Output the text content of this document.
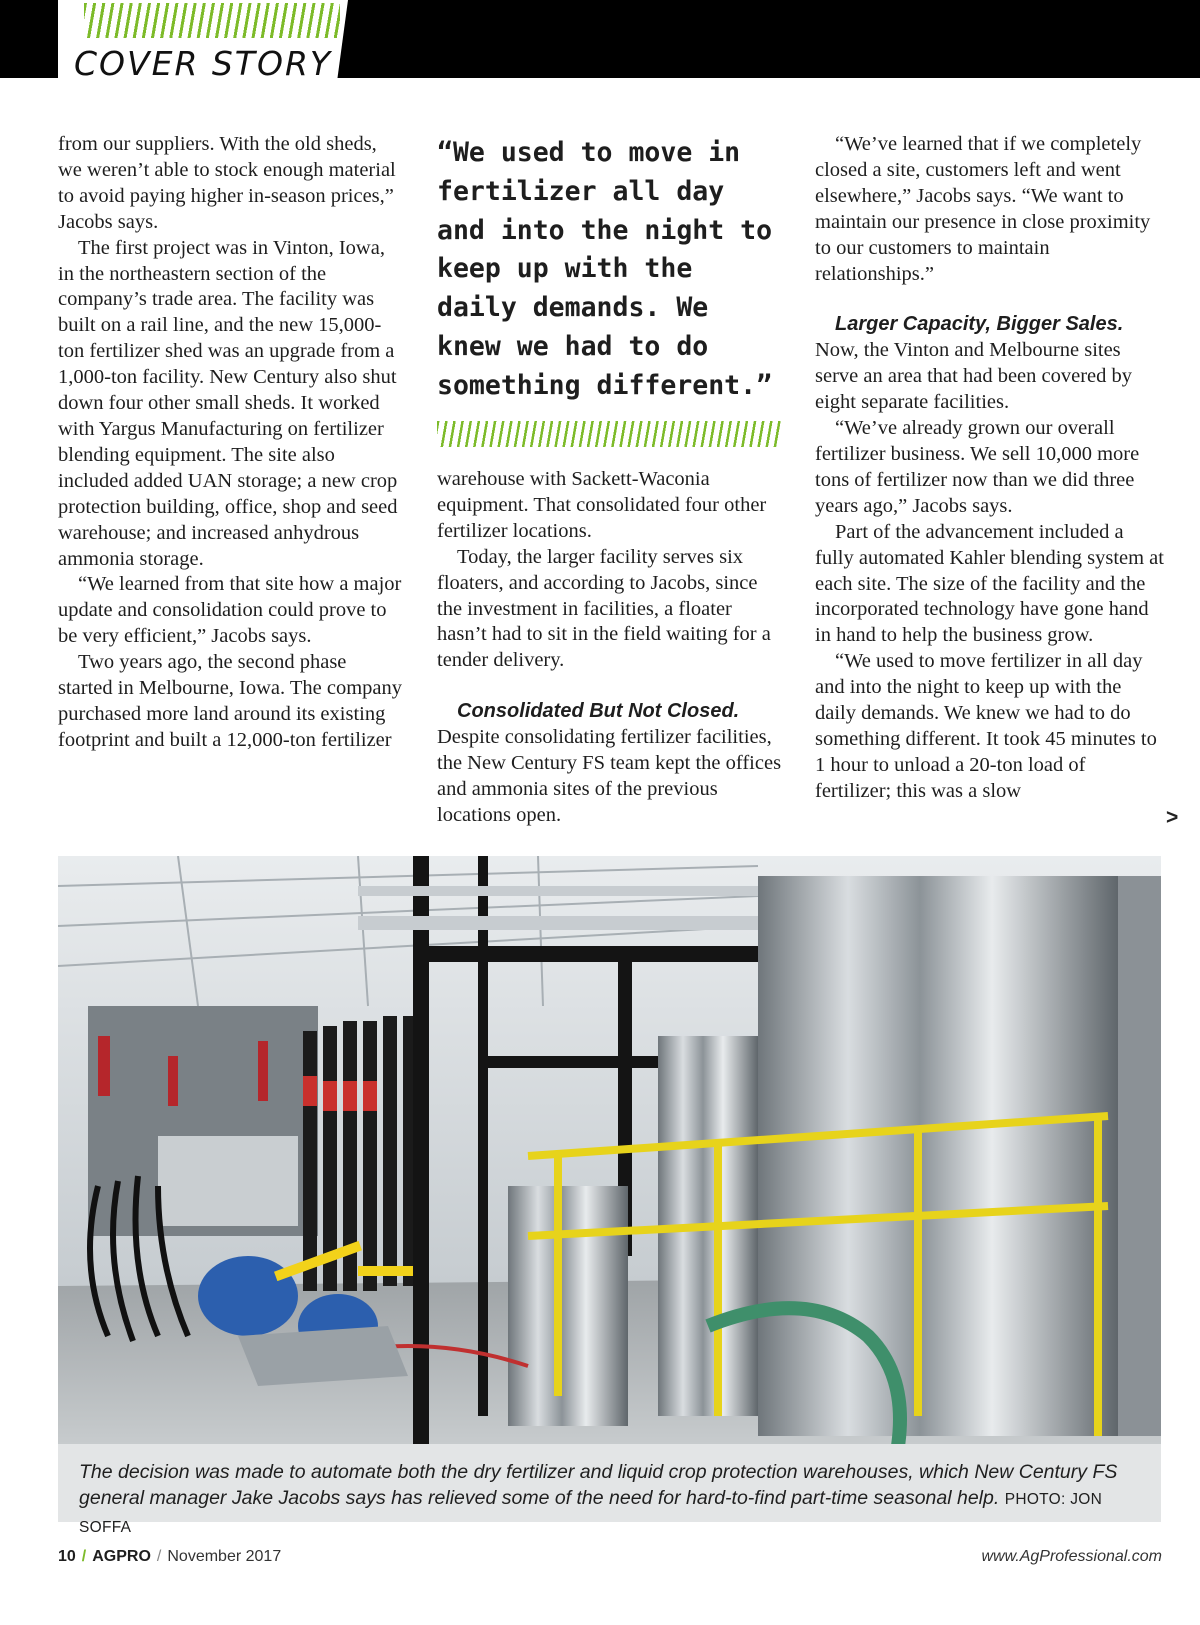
COVER STORY

from our suppliers. With the old sheds, we weren’t able to stock enough material to avoid paying higher in-season prices,” Jacobs says.

The first project was in Vinton, Iowa, in the northeastern section of the company’s trade area. The facility was built on a rail line, and the new 15,000-ton fertilizer shed was an upgrade from a 1,000-ton facility. New Century also shut down four other small sheds. It worked with Yargus Manufacturing on fertilizer blending equipment. The site also included added UAN storage; a new crop protection building, office, shop and seed warehouse; and increased anhydrous ammonia storage.

“We learned from that site how a major update and consolidation could prove to be very efficient,” Jacobs says.

Two years ago, the second phase started in Melbourne, Iowa. The company purchased more land around its existing footprint and built a 12,000-ton fertilizer

“We used to move in fertilizer all day and into the night to keep up with the daily demands. We knew we had to do something different.”

warehouse with Sackett-Waconia equipment. That consolidated four other fertilizer locations.

Today, the larger facility serves six floaters, and according to Jacobs, since the investment in facilities, a floater hasn’t had to sit in the field waiting for a tender delivery.

Consolidated But Not Closed.

Despite consolidating fertilizer facilities, the New Century FS team kept the offices and ammonia sites of the previous locations open.

“We’ve learned that if we completely closed a site, customers left and went elsewhere,” Jacobs says. “We want to maintain our presence in close proximity to our customers to maintain relationships.”

Larger Capacity, Bigger Sales.

Now, the Vinton and Melbourne sites serve an area that had been covered by eight separate facilities.

“We’ve already grown our overall fertilizer business. We sell 10,000 more tons of fertilizer now than we did three years ago,” Jacobs says.

Part of the advancement included a fully automated Kahler blending system at each site. The size of the facility and the incorporated technology have gone hand in hand to help the business grow.

“We used to move fertilizer in all day and into the night to keep up with the daily demands. We knew we had to do something different. It took 45 minutes to 1 hour to unload a 20-ton load of fertilizer; this was a slow

>
The decision was made to automate both the dry fertilizer and liquid crop protection warehouses, which New Century FS general manager Jake Jacobs says has relieved some of the need for hard-to-find part-time seasonal help. PHOTO: JON SOFFA
10 / AGPRO / November 2017	www.AgProfessional.com
